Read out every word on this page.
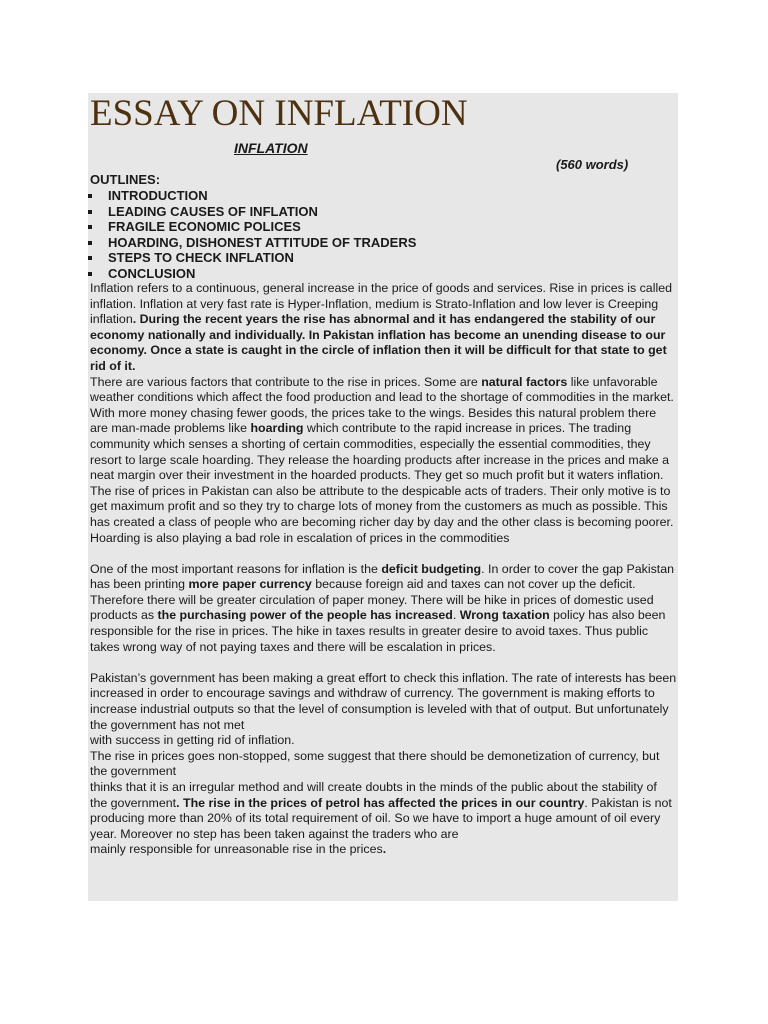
ESSAY ON INFLATION
INFLATION
(560 words)
OUTLINES:
INTRODUCTION
LEADING CAUSES OF INFLATION
FRAGILE ECONOMIC POLICES
HOARDING, DISHONEST ATTITUDE OF TRADERS
STEPS TO CHECK INFLATION
CONCLUSION

Inflation refers to a continuous, general increase in the price of goods and services. Rise in prices is called inflation. Inflation at very fast rate is Hyper-Inflation, medium is Strato-Inflation and low lever is Creeping inflation. During the recent years the rise has abnormal and it has endangered the stability of our economy nationally and individually. In Pakistan inflation has become an unending disease to our economy. Once a state is caught in the circle of inflation then it will be difficult for that state to get rid of it.

There are various factors that contribute to the rise in prices. Some are natural factors like unfavorable weather conditions which affect the food production and lead to the shortage of commodities in the market. With more money chasing fewer goods, the prices take to the wings. Besides this natural problem there are man-made problems like hoarding which contribute to the rapid increase in prices. The trading community which senses a shorting of certain commodities, especially the essential commodities, they resort to large scale hoarding. They release the hoarding products after increase in the prices and make a neat margin over their investment in the hoarded products. They get so much profit but it waters inflation.

The rise of prices in Pakistan can also be attribute to the despicable acts of traders. Their only motive is to get maximum profit and so they try to charge lots of money from the customers as much as possible. This has created a class of people who are becoming richer day by day and the other class is becoming poorer. Hoarding is also playing a bad role in escalation of prices in the commodities

One of the most important reasons for inflation is the deficit budgeting. In order to cover the gap Pakistan has been printing more paper currency because foreign aid and taxes can not cover up the deficit. Therefore there will be greater circulation of paper money. There will be hike in prices of domestic used products as the purchasing power of the people has increased. Wrong taxation policy has also been responsible for the rise in prices. The hike in taxes results in greater desire to avoid taxes. Thus public takes wrong way of not paying taxes and there will be escalation in prices.

Pakistan’s government has been making a great effort to check this inflation. The rate of interests has been increased in order to encourage savings and withdraw of currency. The government is making efforts to increase industrial outputs so that the level of consumption is leveled with that of output. But unfortunately the government has not met

with success in getting rid of inflation.

The rise in prices goes non-stopped, some suggest that there should be demonetization of currency, but the government

thinks that it is an irregular method and will create doubts in the minds of the public about the stability of the government. The rise in the prices of petrol has affected the prices in our country. Pakistan is not producing more than 20% of its total requirement of oil. So we have to import a huge amount of oil every year. Moreover no step has been taken against the traders who are

mainly responsible for unreasonable rise in the prices.
